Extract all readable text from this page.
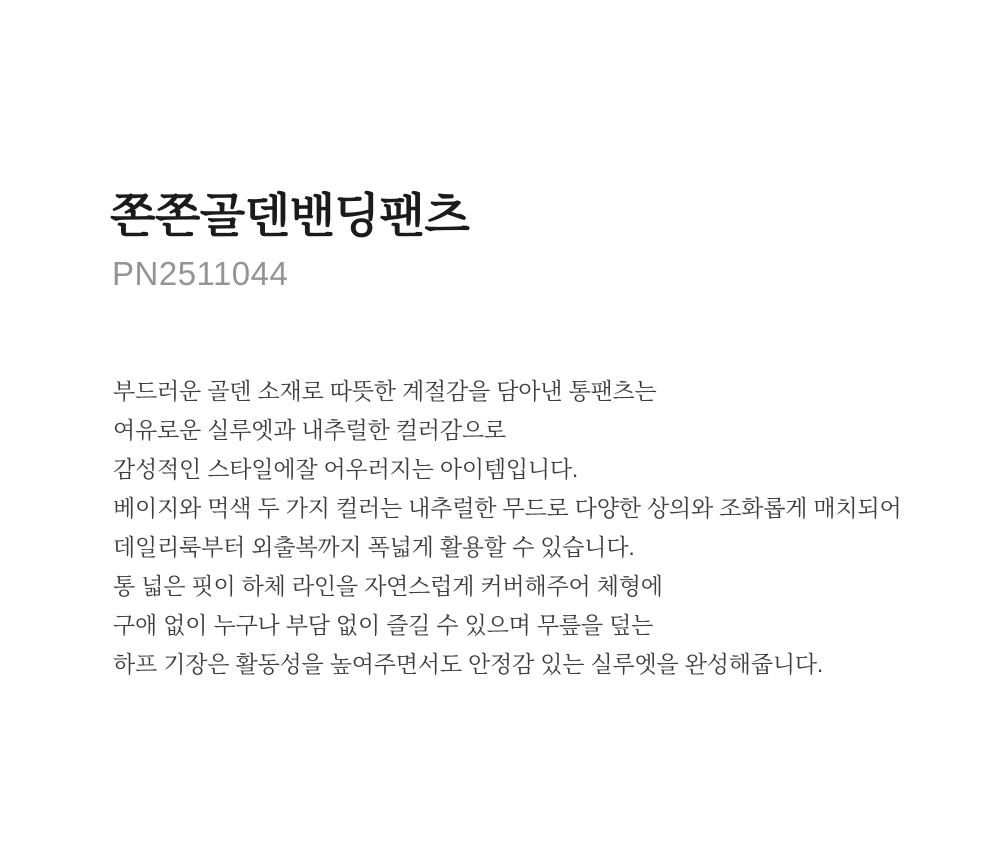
쫀쫀골덴밴딩팬츠
PN2511044
부드러운 골덴 소재로 따뜻한 계절감을 담아낸 통팬츠는
여유로운 실루엣과 내추럴한 컬러감으로
감성적인 스타일에잘 어우러지는 아이템입니다.
베이지와 먹색 두 가지 컬러는 내추럴한 무드로 다양한 상의와 조화롭게 매치되어
데일리룩부터 외출복까지 폭넓게 활용할 수 있습니다.
통 넓은 핏이 하체 라인을 자연스럽게 커버해주어 체형에
구애 없이 누구나 부담 없이 즐길 수 있으며 무릎을 덮는
하프 기장은 활동성을 높여주면서도 안정감 있는 실루엣을 완성해줍니다.
